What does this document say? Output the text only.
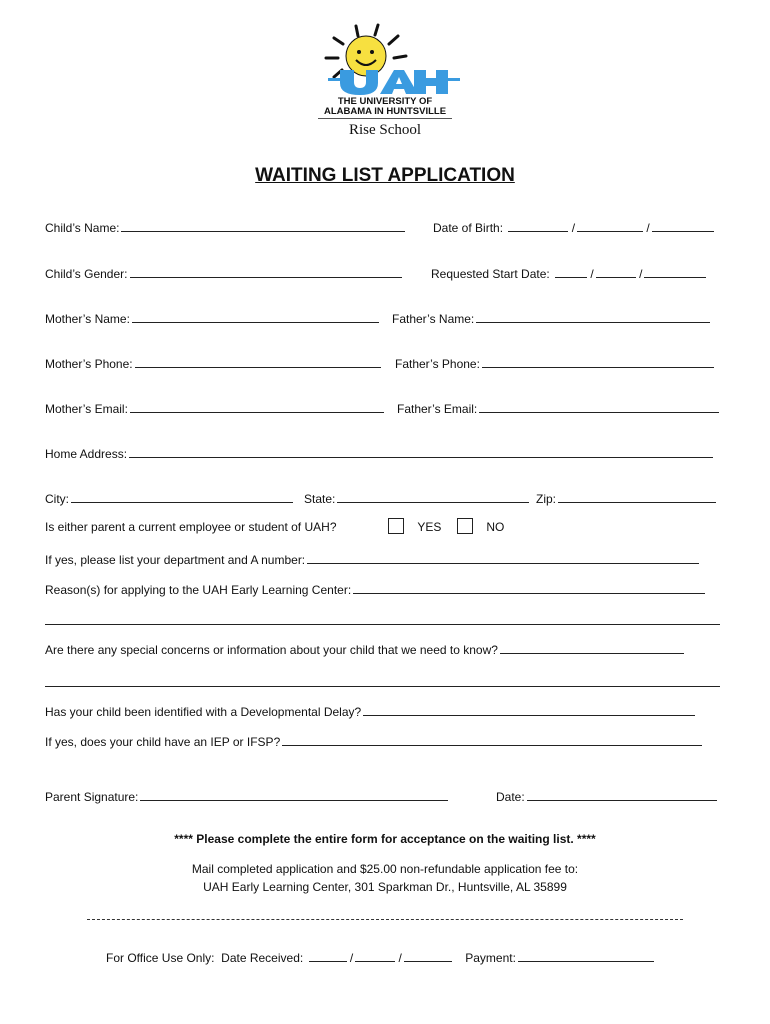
THE UNIVERSITY OF
ALABAMA IN HUNTSVILLE
Rise School
WAITING LIST APPLICATION
Child’s Name:	Date of Birth:	/	/
Child’s Gender:	Requested Start Date:	/	/
Mother’s Name:	Father’s Name:
Mother’s Phone:	Father’s Phone:
Mother’s Email:	Father’s Email:
Home Address:
City:	State:	Zip:
Is either parent a current employee or student of UAH?	YES	NO
If yes, please list your department and A number:
Reason(s) for applying to the UAH Early Learning Center:
Are there any special concerns or information about your child that we need to know?
Has your child been identified with a Developmental Delay?
If yes, does your child have an IEP or IFSP?
Parent Signature:	Date:
**** Please complete the entire form for acceptance on the waiting list. ****
Mail completed application and $25.00 non-refundable application fee to:
UAH Early Learning Center, 301 Sparkman Dr., Huntsville, AL 35899
For Office Use Only: Date Received:	/	/	Payment:
